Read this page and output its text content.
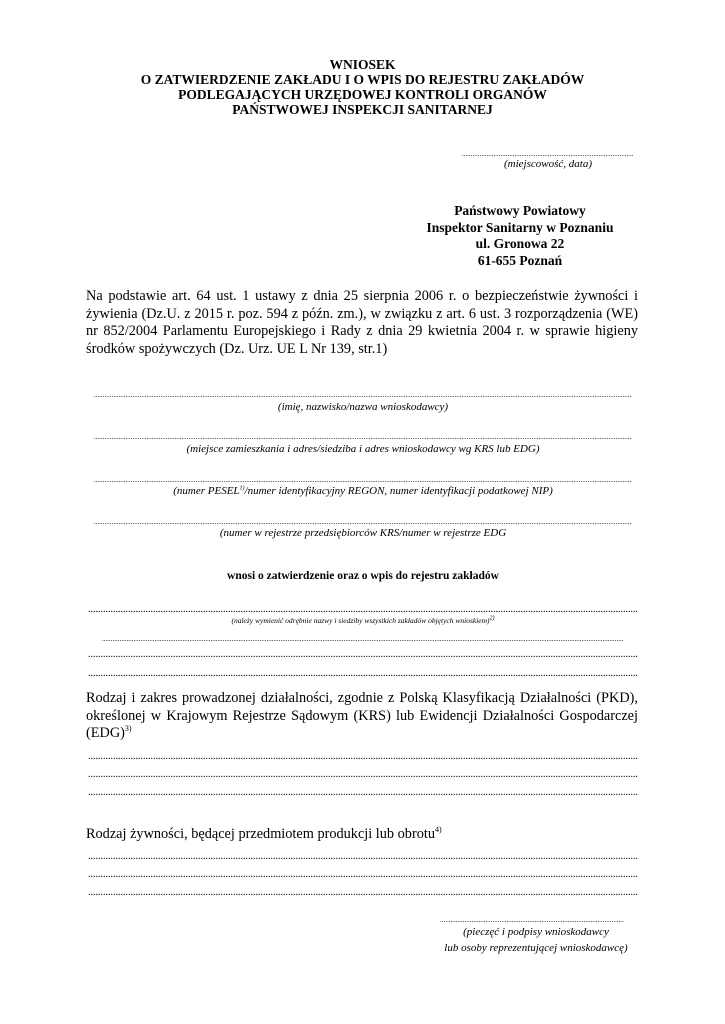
WNIOSEK
O ZATWIERDZENIE ZAKŁADU I O WPIS DO REJESTRU ZAKŁADÓW
PODLEGAJĄCYCH URZĘDOWEJ KONTROLI ORGANÓW
PAŃSTWOWEJ INSPEKCJI SANITARNEJ
.....
(miejscowość, data)
Państwowy Powiatowy
Inspektor Sanitarny w Poznaniu
ul. Gronowa 22
61-655 Poznań
Na podstawie art. 64 ust. 1 ustawy z dnia 25 sierpnia 2006 r. o bezpieczeństwie żywności i żywienia (Dz.U. z 2015 r. poz. 594 z późn. zm.), w związku z art. 6 ust. 3 rozporządzenia (WE) nr 852/2004 Parlamentu Europejskiego i Rady z dnia 29 kwietnia 2004 r. w sprawie higieny środków spożywczych (Dz. Urz. UE L Nr 139, str.1)
.....
(imię, nazwisko/nazwa wnioskodawcy)
.....
(miejsce zamieszkania i adres/siedziba i adres wnioskodawcy wg KRS lub EDG)
.....
(numer PESEL$^{1)}$/numer identyfikacyjny REGON, numer identyfikacji podatkowej NIP)
.....
(numer w rejestrze przedsiębiorców KRS/numer w rejestrze EDG
wnosi o zatwierdzenie oraz o wpis do rejestru zakładów
.....
(należy wymienić odrębnie nazwy i siedziby wszystkich zakładów objętych wnioskiem)$^{2)}$
.....
.....
.....
Rodzaj i zakres prowadzonej działalności, zgodnie z Polską Klasyfikacją Działalności (PKD), określonej w Krajowym Rejestrze Sądowym (KRS) lub Ewidencji Działalności Gospodarczej (EDG)$^{3)}$
.....
.....
.....
Rodzaj żywności, będącej przedmiotem produkcji lub obrotu$^{4)}$
.....
.....
.....
.....
(pieczęć i podpisy wnioskodawcy
lub osoby reprezentującej wnioskodawcę)
